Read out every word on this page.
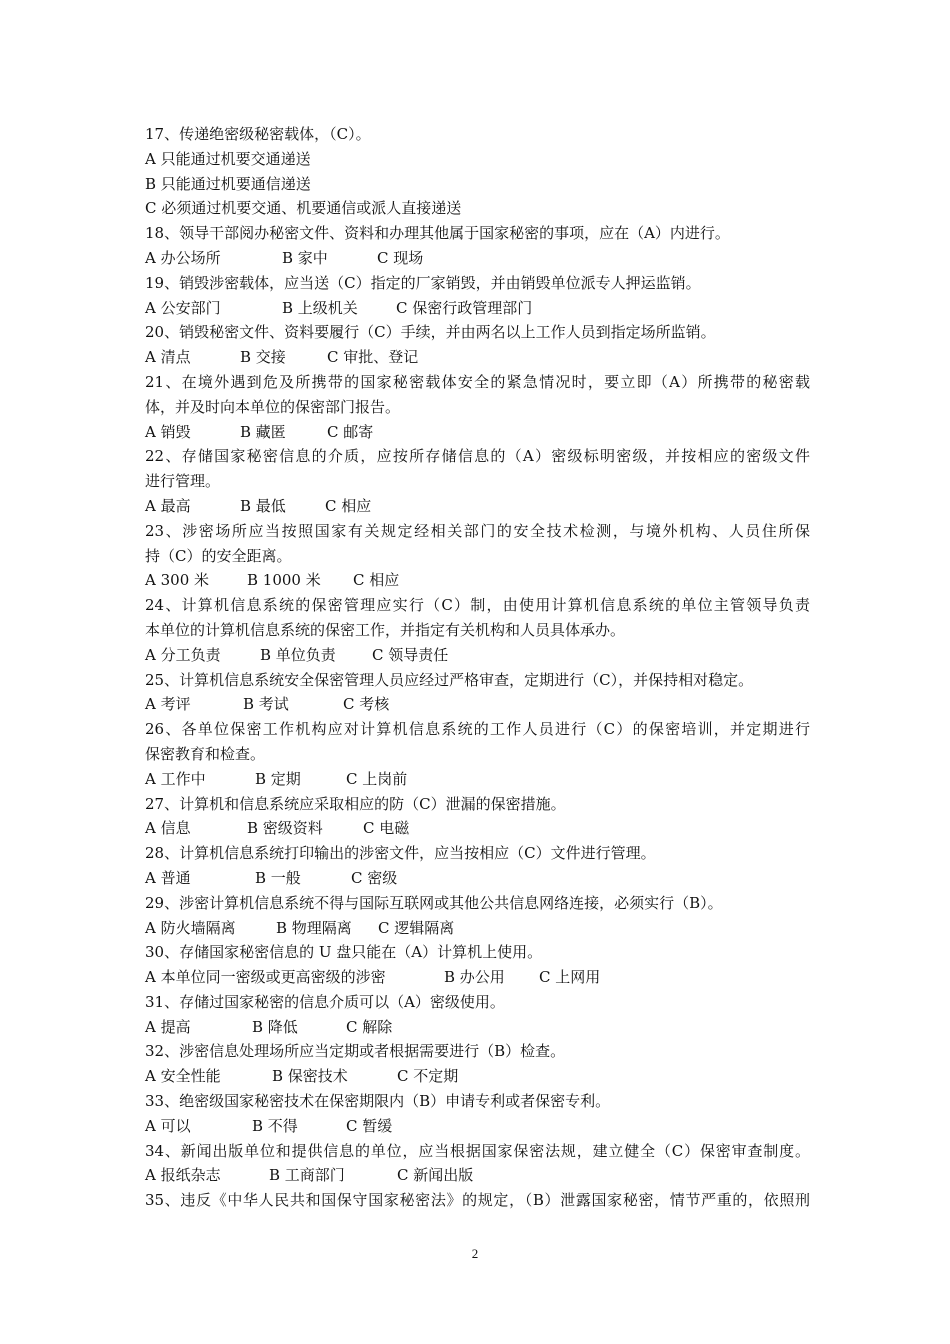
17、传递绝密级秘密载体，（C）。
A 只能通过机要交通递送
B 只能通过机要通信递送
C 必须通过机要交通、机要通信或派人直接递送
18、领导干部阅办秘密文件、资料和办理其他属于国家秘密的事项，应在（A）内进行。
A 办公场所	B 家中	C 现场
19、销毁涉密载体，应当送（C）指定的厂家销毁，并由销毁单位派专人押运监销。
A 公安部门	B 上级机关	C 保密行政管理部门
20、销毁秘密文件、资料要履行（C）手续，并由两名以上工作人员到指定场所监销。
A 清点	B 交接	C 审批、登记
21、在境外遇到危及所携带的国家秘密载体安全的紧急情况时，要立即（A）所携带的秘密载
体，并及时向本单位的保密部门报告。
A 销毁	B 藏匿	C 邮寄
22、存储国家秘密信息的介质，应按所存储信息的（A）密级标明密级，并按相应的密级文件
进行管理。
A 最高	B 最低	C 相应
23、涉密场所应当按照国家有关规定经相关部门的安全技术检测，与境外机构、人员住所保
持（C）的安全距离。
A 300 米	B 1000 米 C 相应
24、计算机信息系统的保密管理应实行（C）制，由使用计算机信息系统的单位主管领导负责
本单位的计算机信息系统的保密工作，并指定有关机构和人员具体承办。
A 分工负责	B 单位负责 C 领导责任
25、计算机信息系统安全保密管理人员应经过严格审查，定期进行（C），并保持相对稳定。
A 考评	B 考试	C 考核
26、各单位保密工作机构应对计算机信息系统的工作人员进行（C）的保密培训，并定期进行
保密教育和检查。
A 工作中	B 定期	C 上岗前
27、计算机和信息系统应采取相应的防（C）泄漏的保密措施。
A 信息	B 密级资料	C 电磁
28、计算机信息系统打印输出的涉密文件，应当按相应（C）文件进行管理。
A 普通	B 一般	C 密级
29、涉密计算机信息系统不得与国际互联网或其他公共信息网络连接，必须实行（B）。
A 防火墙隔离	B 物理隔离 C 逻辑隔离
30、存储国家秘密信息的 U 盘只能在（A）计算机上使用。
A 本单位同一密级或更高密级的涉密	B 办公用 C 上网用
31、存储过国家秘密的信息介质可以（A）密级使用。
A 提高	B 降低	C 解除
32、涉密信息处理场所应当定期或者根据需要进行（B）检查。
A 安全性能	B 保密技术	C 不定期
33、绝密级国家秘密技术在保密期限内（B）申请专利或者保密专利。
A 可以	B 不得	C 暂缓
34、新闻出版单位和提供信息的单位，应当根据国家保密法规，建立健全（C）保密审查制度。
A 报纸杂志	B 工商部门	C 新闻出版
35、违反《中华人民共和国保守国家秘密法》的规定，（B）泄露国家秘密，情节严重的，依照刑
2
